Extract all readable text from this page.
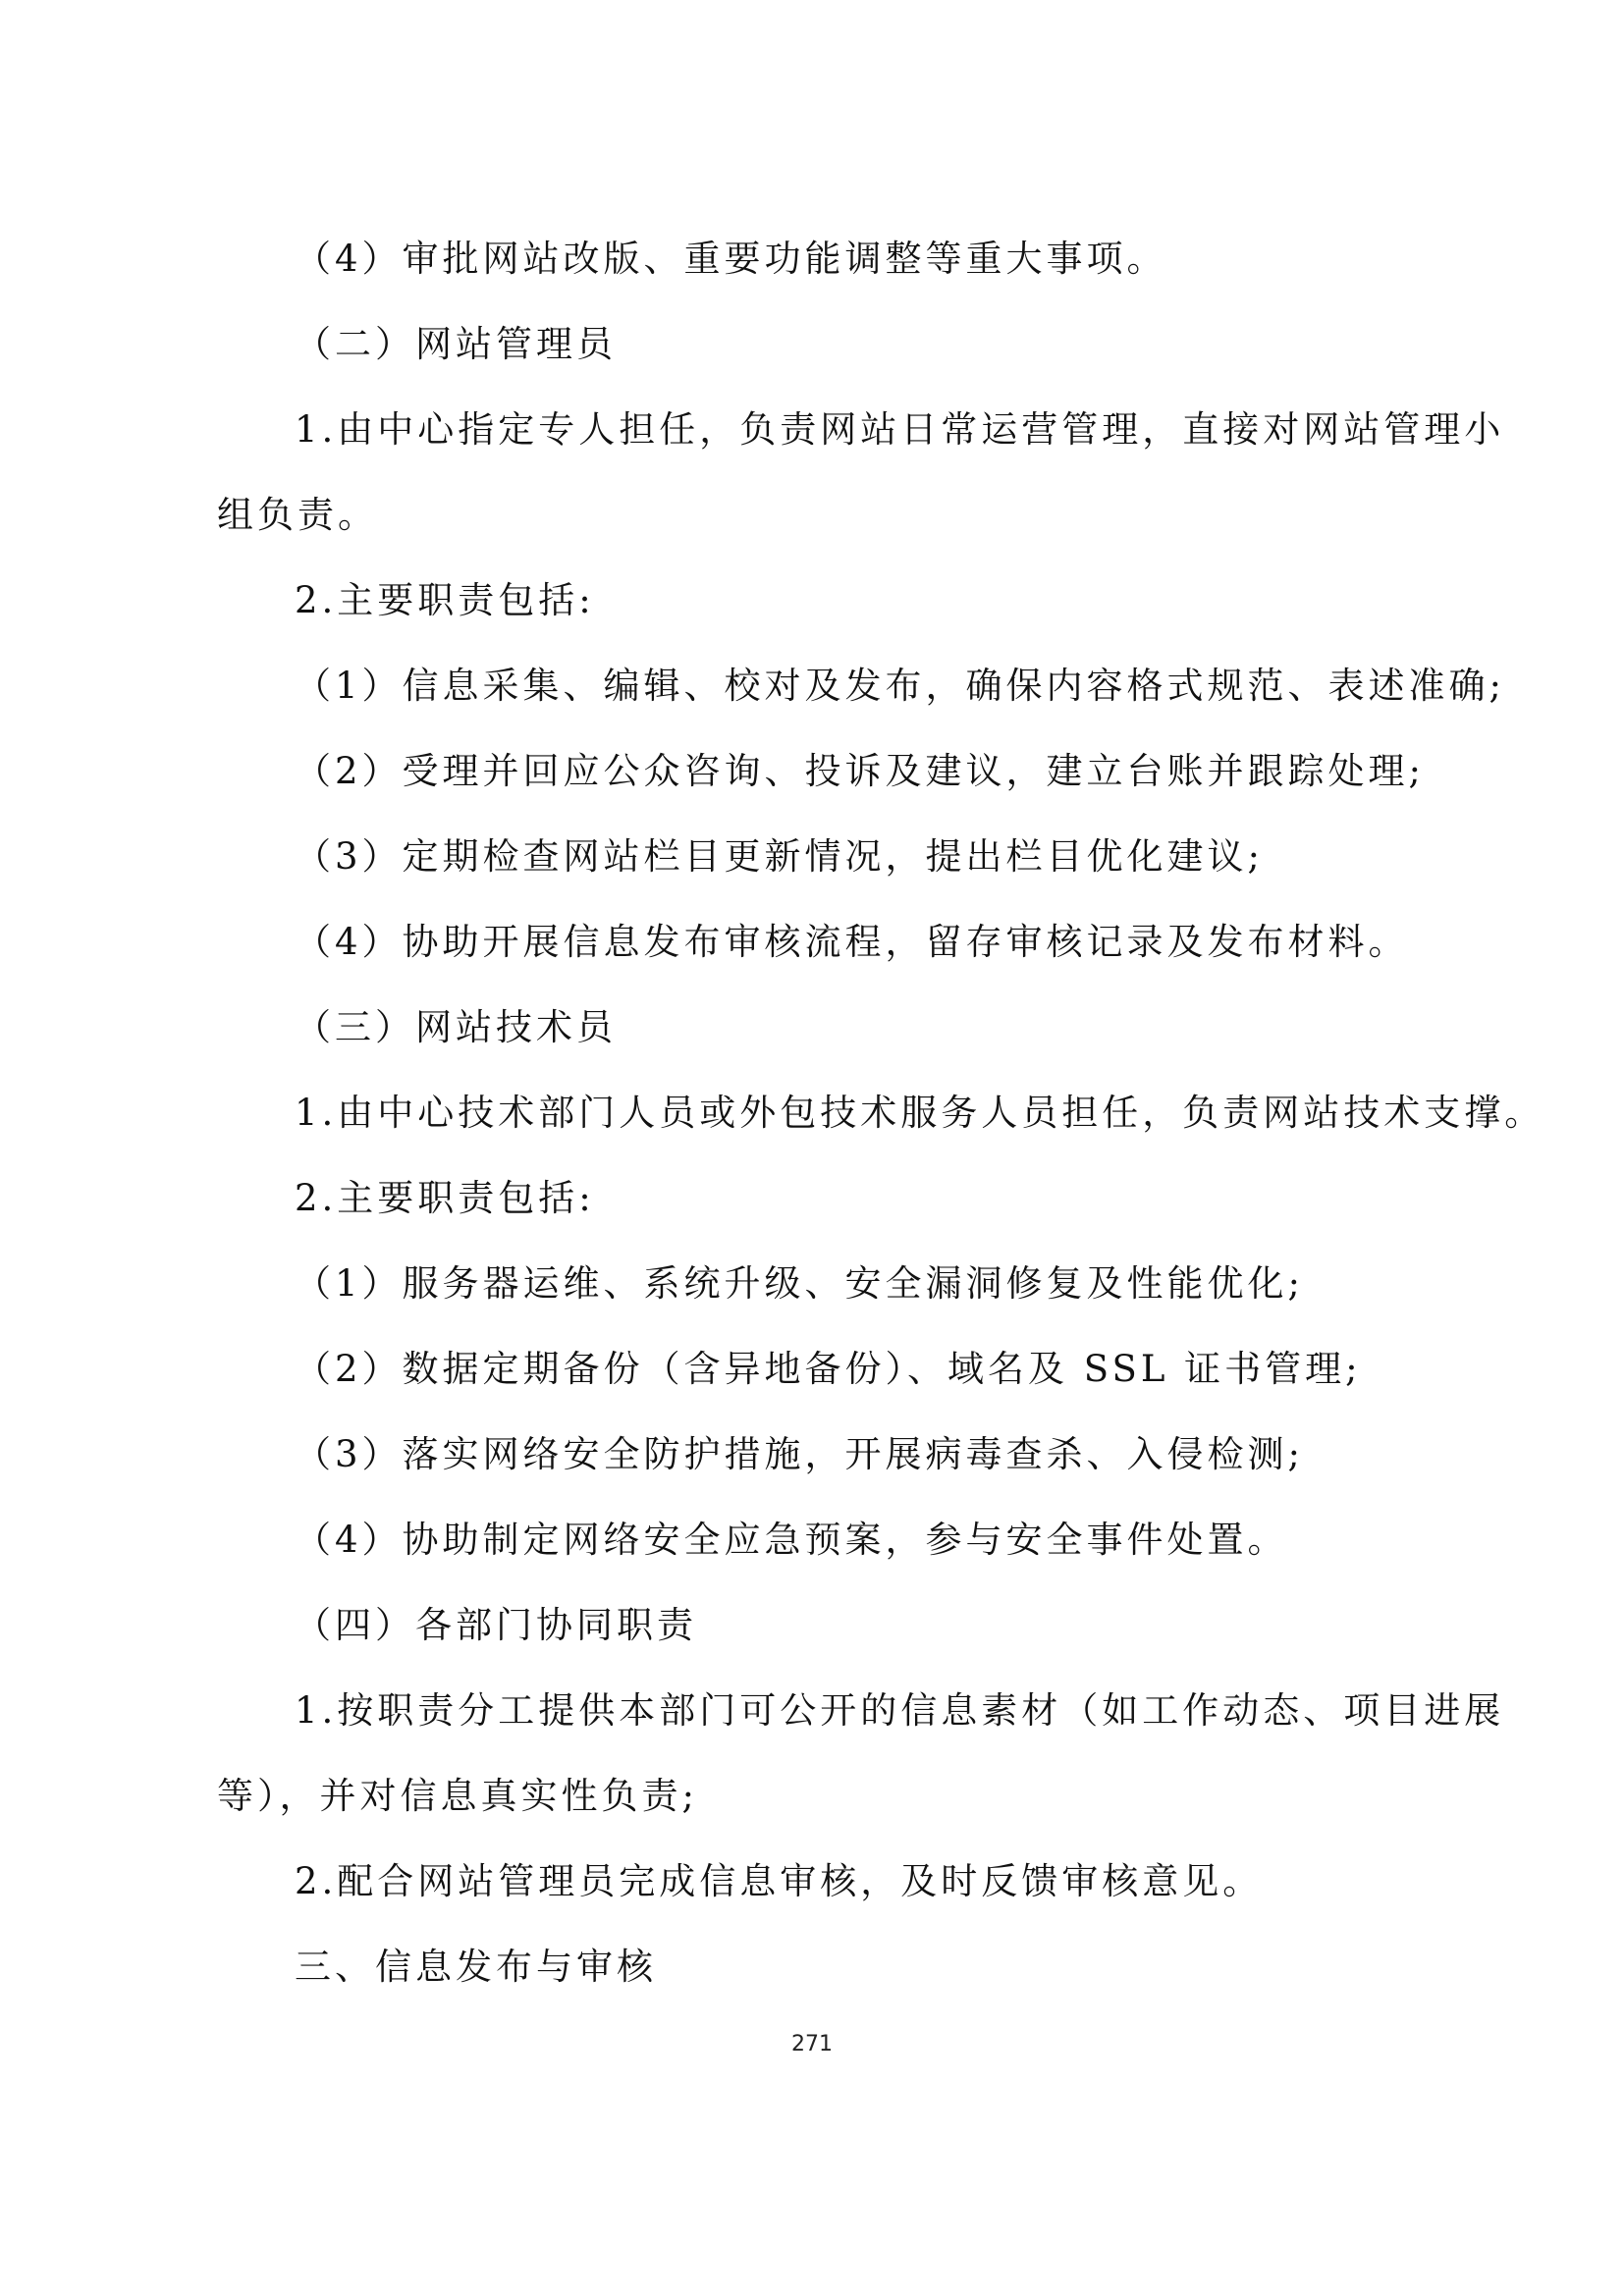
（4）审批网站改版、重要功能调整等重大事项。
（二）网站管理员
1.由中心指定专人担任，负责网站日常运营管理，直接对网站管理小
组负责。
2.主要职责包括:
（1）信息采集、编辑、校对及发布，确保内容格式规范、表述准确;
（2）受理并回应公众咨询、投诉及建议，建立台账并跟踪处理;
（3）定期检查网站栏目更新情况，提出栏目优化建议;
（4）协助开展信息发布审核流程，留存审核记录及发布材料。
（三）网站技术员
1.由中心技术部门人员或外包技术服务人员担任，负责网站技术支撑。
2.主要职责包括:
（1）服务器运维、系统升级、安全漏洞修复及性能优化;
（2）数据定期备份（含异地备份）、域名及 SSL 证书管理;
（3）落实网络安全防护措施，开展病毒查杀、入侵检测;
（4）协助制定网络安全应急预案，参与安全事件处置。
（四）各部门协同职责
1.按职责分工提供本部门可公开的信息素材（如工作动态、项目进展
等），并对信息真实性负责;
2.配合网站管理员完成信息审核，及时反馈审核意见。
三、信息发布与审核
271
